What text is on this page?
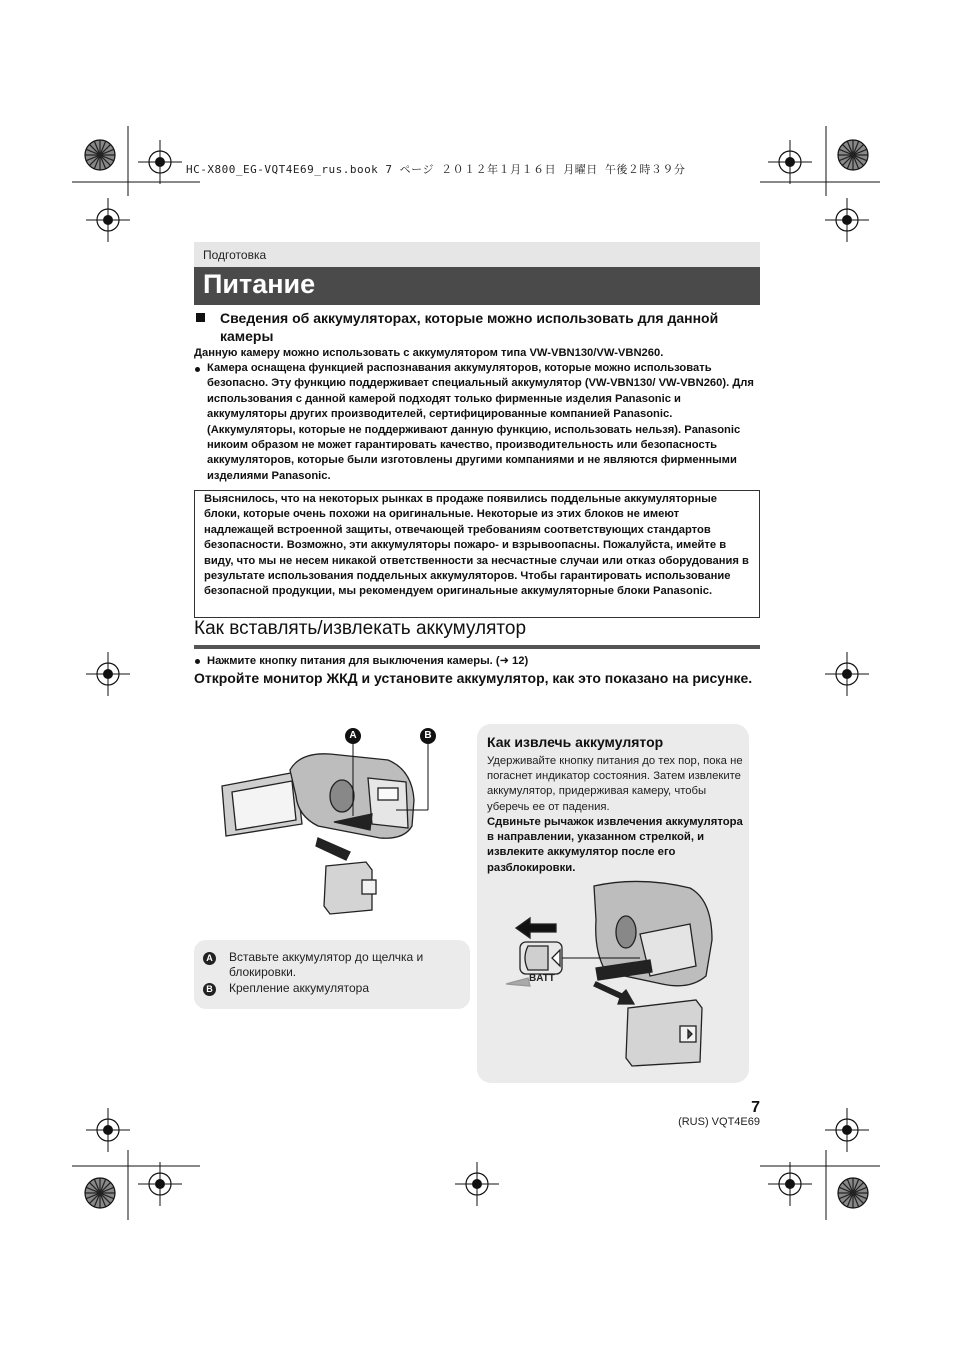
HC-X800_EG-VQT4E69_rus.book 7 ページ ２０１２年１月１６日 月曜日 午後２時３９分
Подготовка
Питание
Сведения об аккумуляторах, которые можно использовать для данной камеры
Данную камеру можно использовать с аккумулятором типа VW-VBN130/VW-VBN260.
Камера оснащена функцией распознавания аккумуляторов, которые можно использовать безопасно. Эту функцию поддерживает специальный аккумулятор (VW-VBN130/ VW-VBN260). Для использования с данной камерой подходят только фирменные изделия Panasonic и аккумуляторы других производителей, сертифицированные компанией Panasonic. (Аккумуляторы, которые не поддерживают данную функцию, использовать нельзя). Panasonic никоим образом не может гарантировать качество, производительность или безопасность аккумуляторов, которые были изготовлены другими компаниями и не являются фирменными изделиями Panasonic.
Выяснилось, что на некоторых рынках в продаже появились поддельные аккумуляторные блоки, которые очень похожи на оригинальные. Некоторые из этих блоков не имеют надлежащей встроенной защиты, отвечающей требованиям соответствующих стандартов безопасности. Возможно, эти аккумуляторы пожаро- и взрывоопасны. Пожалуйста, имейте в виду, что мы не несем никакой ответственности за несчастные случаи или отказ оборудования в результате использования поддельных аккумуляторов. Чтобы гарантировать использование безопасной продукции, мы рекомендуем оригинальные аккумуляторные блоки Panasonic.
Как вставлять/извлекать аккумулятор
Нажмите кнопку питания для выключения камеры. (➜ 12)
Откройте монитор ЖКД и установите аккумулятор, как это показано на рисунке.
A	B
A	Вставьте аккумулятор до щелчка и блокировки.
B	Крепление аккумулятора
Как извлечь аккумулятор
Удерживайте кнопку питания до тех пор, пока не погаснет индикатор состояния. Затем извлеките аккумулятор, придерживая камеру, чтобы уберечь ее от падения.
Сдвиньте рычажок извлечения аккумулятора в направлении, указанном стрелкой, и извлеките аккумулятор после его разблокировки.
BATT
7
(RUS) VQT4E69
